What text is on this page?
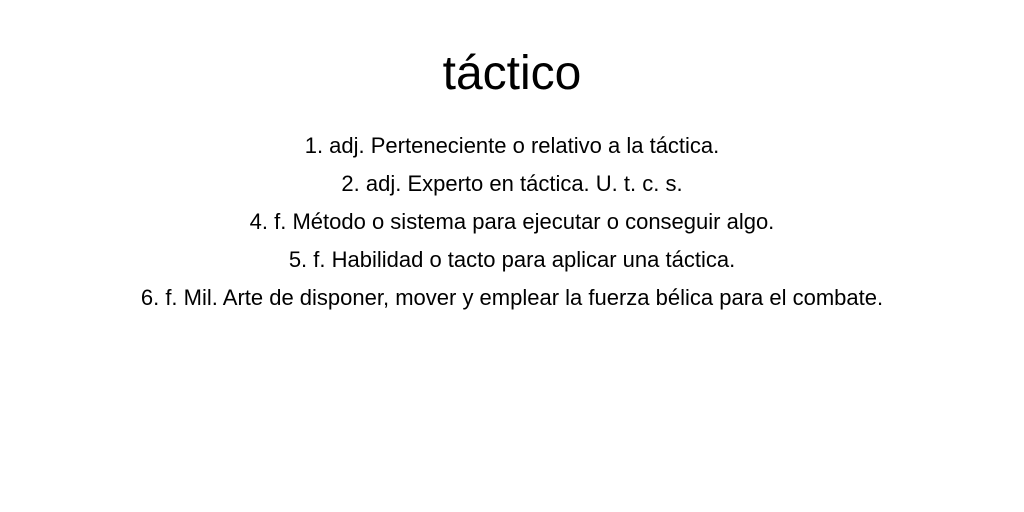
táctico
1. adj. Perteneciente o relativo a la táctica.
2. adj. Experto en táctica. U. t. c. s.
4. f. Método o sistema para ejecutar o conseguir algo.
5. f. Habilidad o tacto para aplicar una táctica.
6. f. Mil. Arte de disponer, mover y emplear la fuerza bélica para el combate.
